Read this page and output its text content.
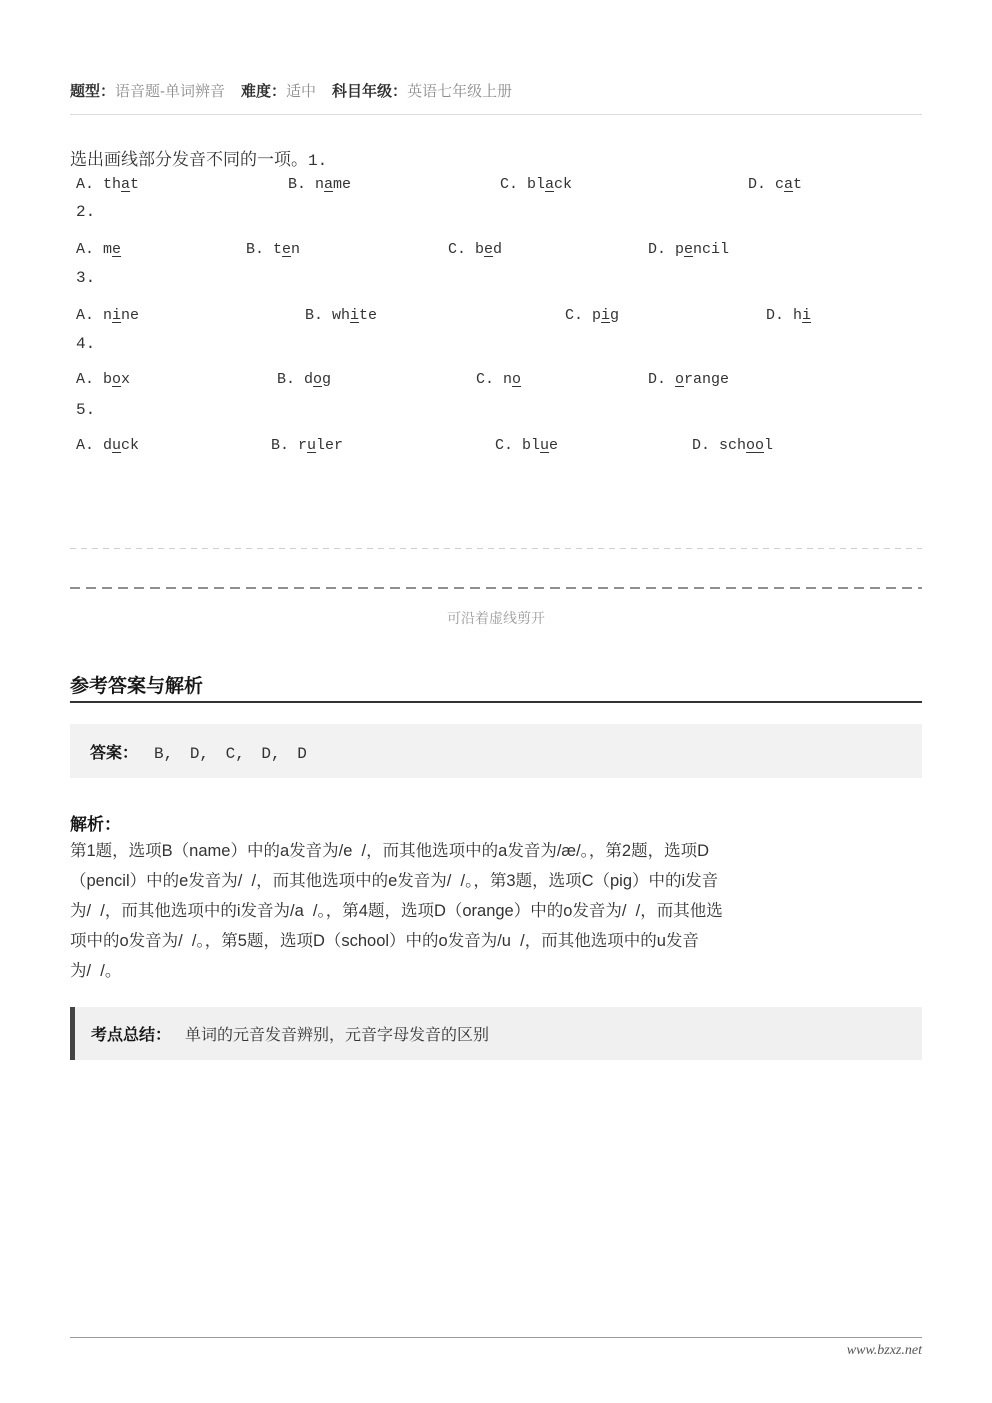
题型：语音题-单词辨音 难度：适中 科目年级：英语七年级上册
选出画线部分发音不同的一项。1.
A. that	B. name	C. black	D. cat
2.
A. me	B. ten	C. bed	D. pencil
3.
A. nine	B. white	C. pig	D. hi
4.
A. box	B. dog	C. no	D. orange
5.
A. duck	B. ruler	C. blue	D. school
可沿着虚线剪开
参考答案与解析
答案： B, D, C, D, D
解析：
第1题，选项B（name）中的a发音为/e  /，而其他选项中的a发音为/æ/。，第2题，选项D
（pencil）中的e发音为/  /，而其他选项中的e发音为/  /。，第3题，选项C（pig）中的i发音
为/  /，而其他选项中的i发音为/a  /。，第4题，选项D（orange）中的o发音为/  /，而其他选
项中的o发音为/  /。，第5题，选项D（school）中的o发音为/u  /，而其他选项中的u发音
为/  /。
考点总结： 单词的元音发音辨别，元音字母发音的区别
www.bzxz.net
